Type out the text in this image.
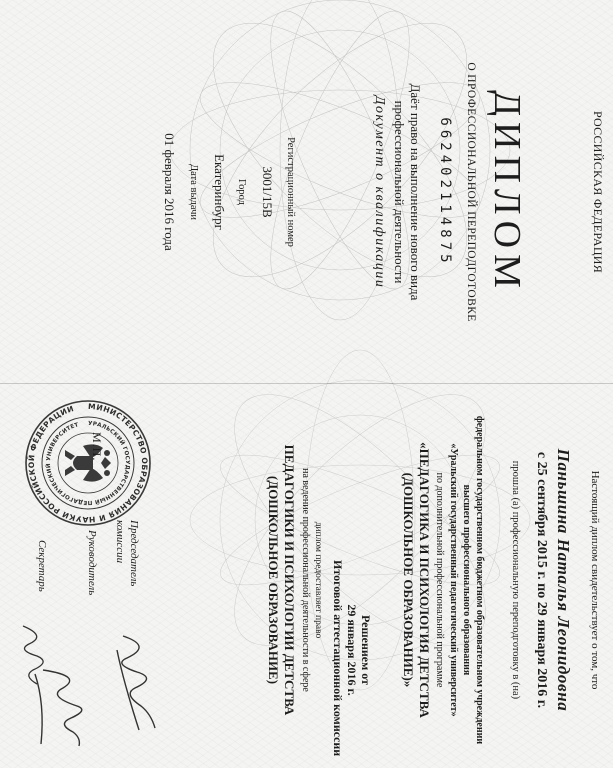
РОССИЙСКАЯ ФЕДЕРАЦИЯ
ДИПЛОМ
О ПРОФЕССИОНАЛЬНОЙ ПЕРЕПОДГОТОВКЕ
662402114875
Даёт право на выполнение нового вида
профессиональной деятельности
Документ о квалификации
Регистрационный номер
3001/15В
Город
Екатеринбург
Дата выдачи
01 февраля 2016 года
Настоящий диплом свидетельствует о том, что
Паньшина Наталья Леонидовна
с 25 сентября 2015 г. по 29 января 2016 г.
прошла (а) профессиональную переподготовку в (на)
федеральном государственном бюджетном образовательном учреждении
высшего профессионального образования
«Уральский государственный педагогический университет»
по дополнительной профессиональной программе
«ПЕДАГОГИКА И ПСИХОЛОГИЯ ДЕТСТВА
(ДОШКОЛЬНОЕ ОБРАЗОВАНИЕ)»
Решением от
29 января 2016 г.
Итоговой аттестационной комиссии
диплом предоставляет право
на ведение профессиональной деятельности в сфере
ПЕДАГОГИКИ И ПСИХОЛОГИИ ДЕТСТВА
(ДОШКОЛЬНОЕ ОБРАЗОВАНИЕ)
Председатель
комиссии
Руководитель
Секретарь
МИНИСТЕРСТВО ОБРАЗОВАНИЯ И НАУКИ РОССИЙСКОЙ ФЕДЕРАЦИИ
УРАЛЬСКИЙ ГОСУДАРСТВЕННЫЙ ПЕДАГОГИЧЕСКИЙ УНИВЕРСИТЕТ
М.П.
